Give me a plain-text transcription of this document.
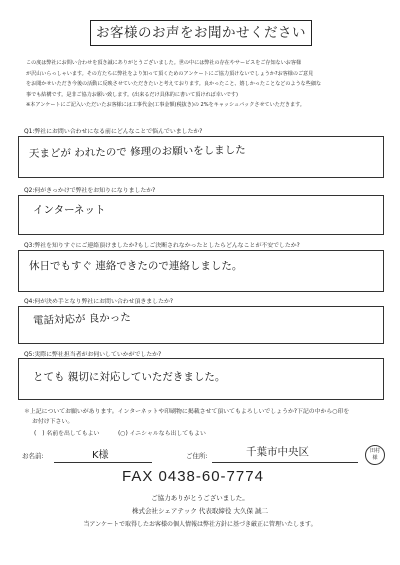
お客様のお声をお聞かせください

この度は弊社にお問い合わせを頂き誠にありがとうございました。世の中には弊社の存在やサービスをご存知ないお客様

が沢山いらっしゃいます。その方たちに弊社をより知って頂くためのアンケートにご協力頂けないでしょうか?お客様のご意見

をお聞かせいただき今後の活動に反映させていただきたいと考えております。良かったこと、嬉しかったことなどのような些細な

事でも結構です。是非ご協力お願い致します。(出来るだけ具体的に書いて頂ければ幸いです)

※本アンケートにご記入いただいたお客様には工事代金(工事金額(税抜き)の 2%をキャッシュバックさせていただきます。

Q1:弊社にお問い合わせになる前にどんなことで悩んでいましたか?
天まどが われたので 修理のお願いをしました
Q2:何がきっかけで弊社をお知りになりましたか?
インターネット
Q3:弊社を知りすぐにご連絡頂けましたか?もしご決断されなかったとしたらどんなことが不安でしたか?
休日でもすぐ 連絡できたので連絡しました。
Q4:何が決め手となり弊社にお問い合わせ頂きましたか?
電話対応が 良かった
Q5:実際に弊社担当者がお伺いしていかがでしたか?
とても 親切に対応していただきました。
＊上記についてお願いがあります。インターネットや印刷物に掲載させて頂いてもよろしいでしょうか?下記の中から○印を
お付け下さい。
(　) 名前を出してもよい	(○) イニシャルなら出してもよい
お名前:	K様	ご住所:	千葉市中央区	田村
様
FAX 0438-60-7774
ご協力ありがとうございました。
株式会社シェアテック 代表取締役 大久保 誠二
当アンケートで取得したお客様の個人情報は弊社方針に基づき厳正に管理いたします。
